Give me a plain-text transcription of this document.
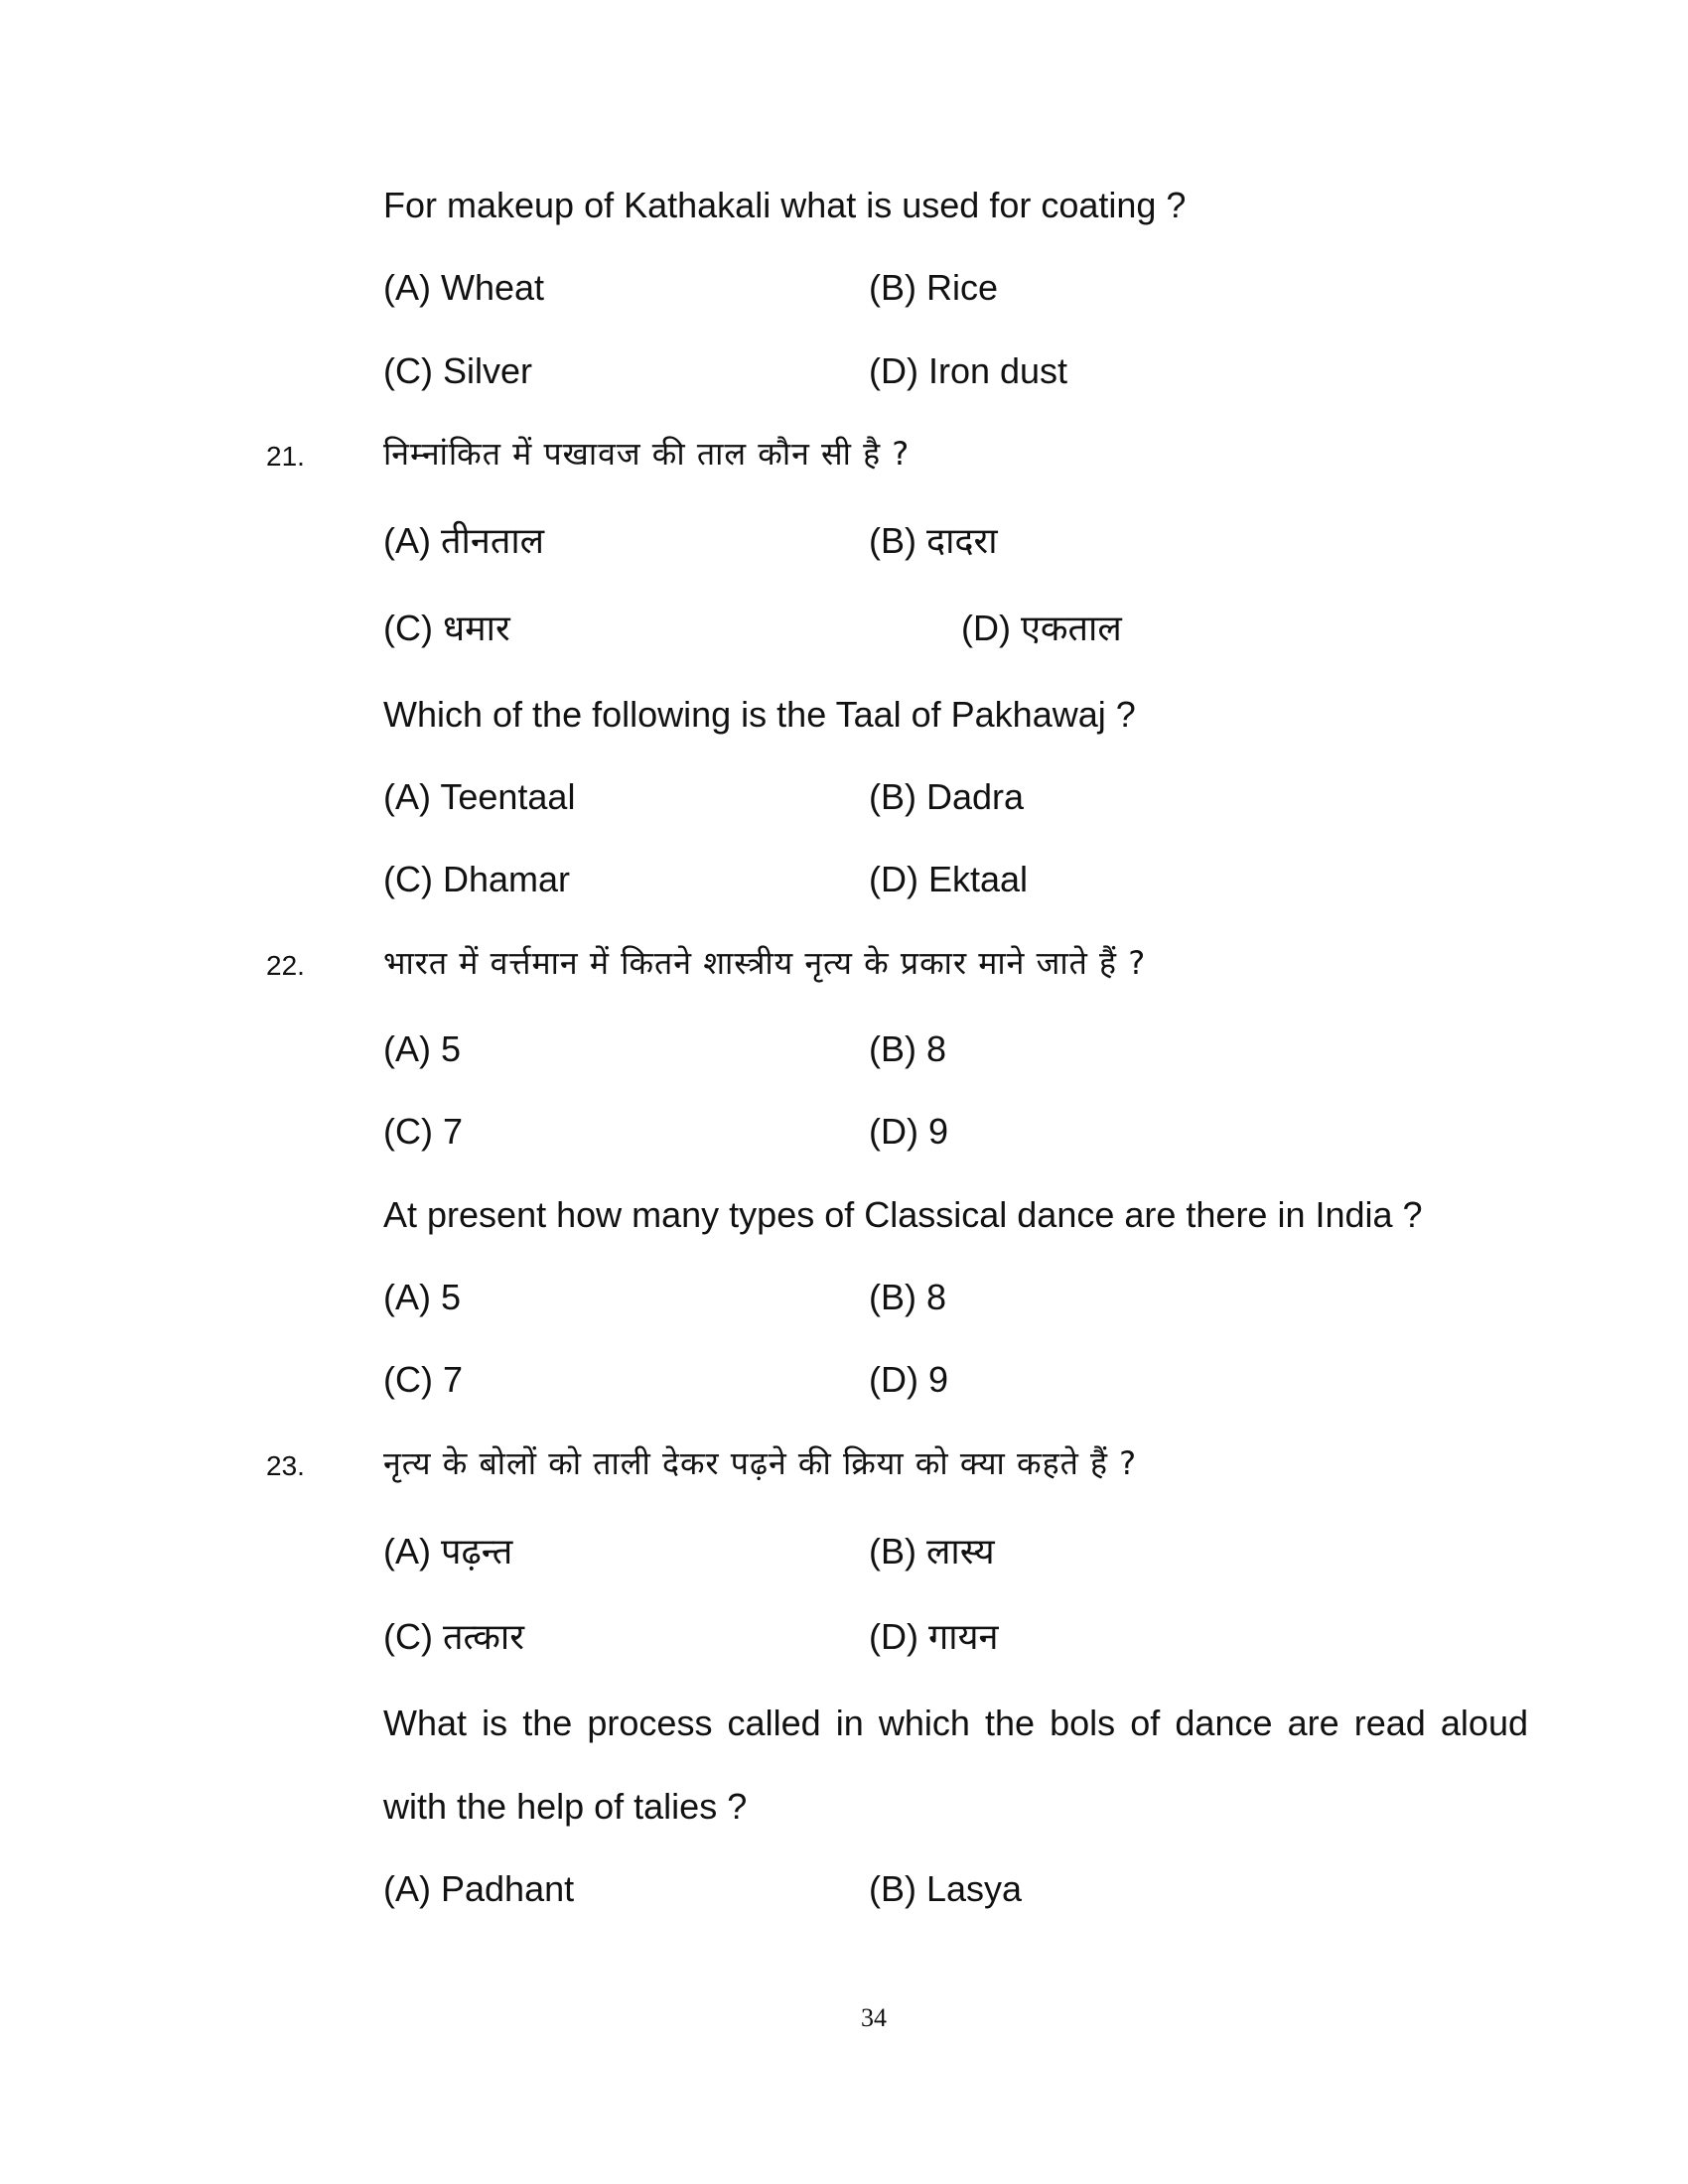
For makeup of Kathakali what is used for coating ?
(A) Wheat	(B) Rice
(C) Silver	(D) Iron dust
21. निम्नांकित में पखावज की ताल कौन सी है ?
(A) तीनताल	(B) दादरा
(C) धमार	(D) एकताल
Which of the following is the Taal of Pakhawaj ?
(A) Teentaal	(B) Dadra
(C) Dhamar	(D) Ektaal
22. भारत में वर्त्तमान में कितने शास्त्रीय नृत्य के प्रकार माने जाते हैं ?
(A) 5	(B) 8
(C) 7	(D) 9
At present how many types of Classical dance are there in India ?
(A) 5	(B) 8
(C) 7	(D) 9
23. नृत्य के बोलों को ताली देकर पढ़ने की क्रिया को क्या कहते हैं ?
(A) पढ़न्त	(B) लास्य
(C) तत्कार	(D) गायन
What is the process called in which the bols of dance are read aloud
with the help of talies ?
(A) Padhant	(B) Lasya
34
